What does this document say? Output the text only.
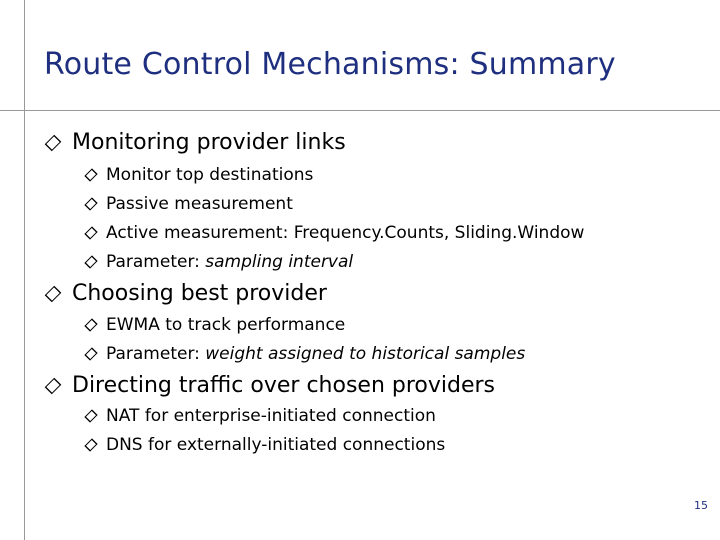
Route Control Mechanisms: Summary
Monitoring provider links
Monitor top destinations
Passive measurement
Active measurement: Frequency.Counts, Sliding.Window
Parameter: sampling interval
Choosing best provider
EWMA to track performance
Parameter: weight assigned to historical samples
Directing traffic over chosen providers
NAT for enterprise-initiated connection
DNS for externally-initiated connections
15
